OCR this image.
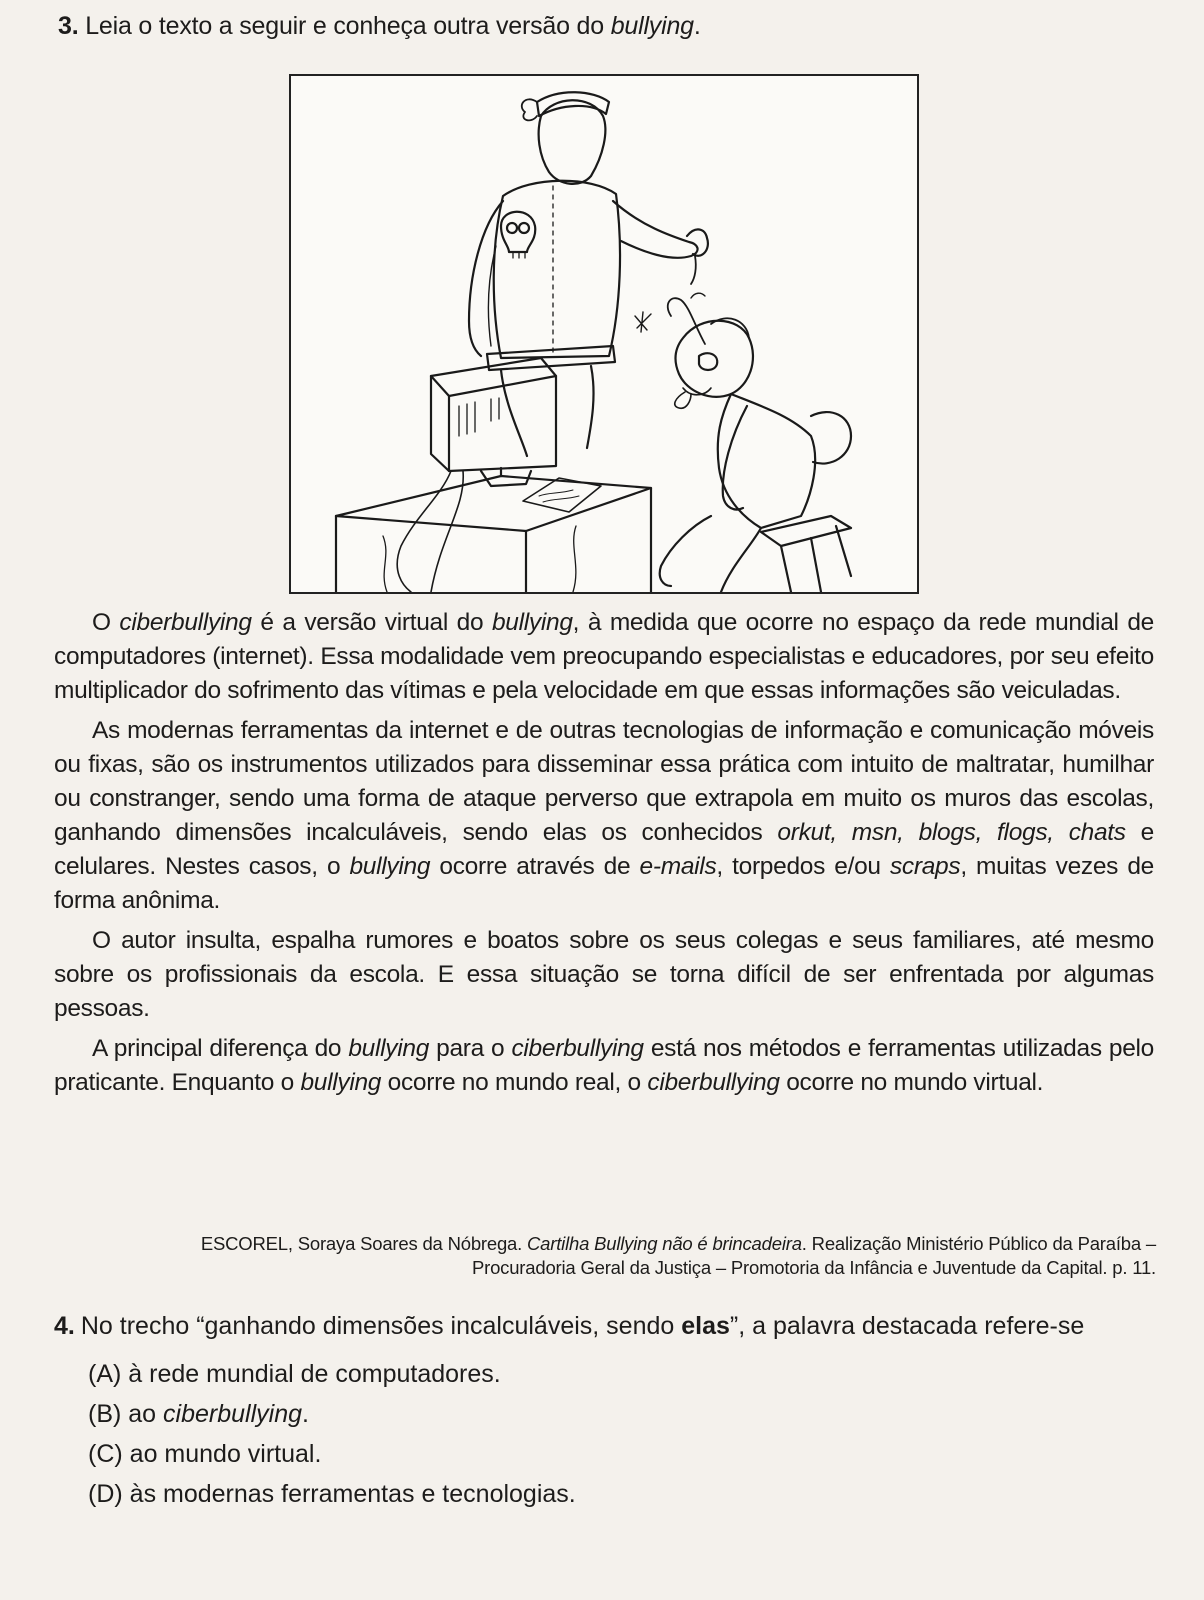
3. Leia o texto a seguir e conheça outra versão do bullying.

O ciberbullying é a versão virtual do bullying, à medida que ocorre no espaço da rede mundial de computadores (internet). Essa modalidade vem preocupando especialistas e educadores, por seu efeito multiplicador do sofrimento das vítimas e pela velocidade em que essas informações são veiculadas.

As modernas ferramentas da internet e de outras tecnologias de informação e comunicação móveis ou fixas, são os instrumentos utilizados para disseminar essa prática com intuito de maltratar, humilhar ou constranger, sendo uma forma de ataque perverso que extrapola em muito os muros das escolas, ganhando dimensões incalculáveis, sendo elas os conhecidos orkut, msn, blogs, flogs, chats e celulares. Nestes casos, o bullying ocorre através de e-mails, torpedos e/ou scraps, muitas vezes de forma anônima.

O autor insulta, espalha rumores e boatos sobre os seus colegas e seus familiares, até mesmo sobre os profissionais da escola. E essa situação se torna difícil de ser enfrentada por algumas pessoas.

A principal diferença do bullying para o ciberbullying está nos métodos e ferramentas utilizadas pelo praticante. Enquanto o bullying ocorre no mundo real, o ciberbullying ocorre no mundo virtual.

ESCOREL, Soraya Soares da Nóbrega. Cartilha Bullying não é brincadeira. Realização Ministério Público da Paraíba –
Procuradoria Geral da Justiça – Promotoria da Infância e Juventude da Capital. p. 11.
4. No trecho “ganhando dimensões incalculáveis, sendo elas”, a palavra destacada refere-se
(A) à rede mundial de computadores.
(B) ao ciberbullying.
(C) ao mundo virtual.
(D) às modernas ferramentas e tecnologias.
